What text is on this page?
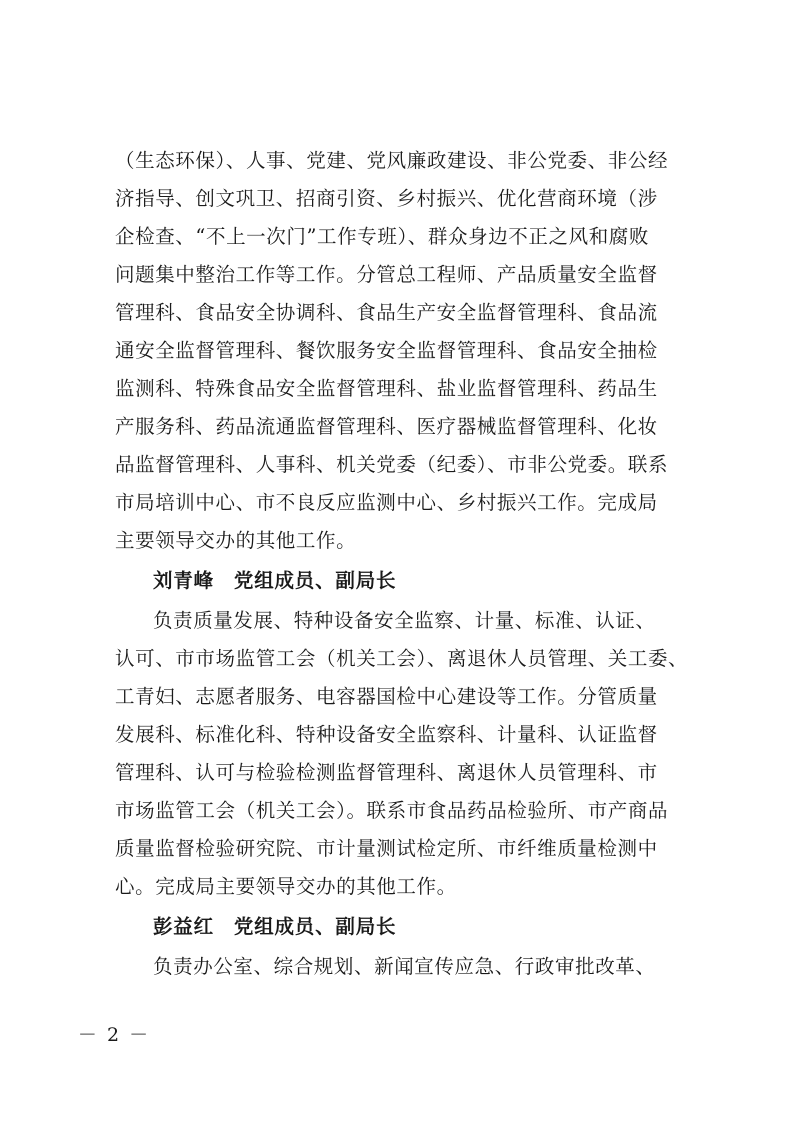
（生态环保）、人事、党建、党风廉政建设、非公党委、非公经
济指导、创文巩卫、招商引资、乡村振兴、优化营商环境（涉
企检查、“不上一次门”工作专班）、群众身边不正之风和腐败
问题集中整治工作等工作。分管总工程师、产品质量安全监督
管理科、食品安全协调科、食品生产安全监督管理科、食品流
通安全监督管理科、餐饮服务安全监督管理科、食品安全抽检
监测科、特殊食品安全监督管理科、盐业监督管理科、药品生
产服务科、药品流通监督管理科、医疗器械监督管理科、化妆
品监督管理科、人事科、机关党委（纪委）、市非公党委。联系
市局培训中心、市不良反应监测中心、乡村振兴工作。完成局
主要领导交办的其他工作。
刘青峰 党组成员、副局长
负责质量发展、特种设备安全监察、计量、标准、认证、
认可、市市场监管工会（机关工会）、离退休人员管理、关工委、
工青妇、志愿者服务、电容器国检中心建设等工作。分管质量
发展科、标准化科、特种设备安全监察科、计量科、认证监督
管理科、认可与检验检测监督管理科、离退休人员管理科、市
市场监管工会（机关工会）。联系市食品药品检验所、市产商品
质量监督检验研究院、市计量测试检定所、市纤维质量检测中
心。完成局主要领导交办的其他工作。
彭益红 党组成员、副局长
负责办公室、综合规划、新闻宣传应急、行政审批改革、
－ 2 －
